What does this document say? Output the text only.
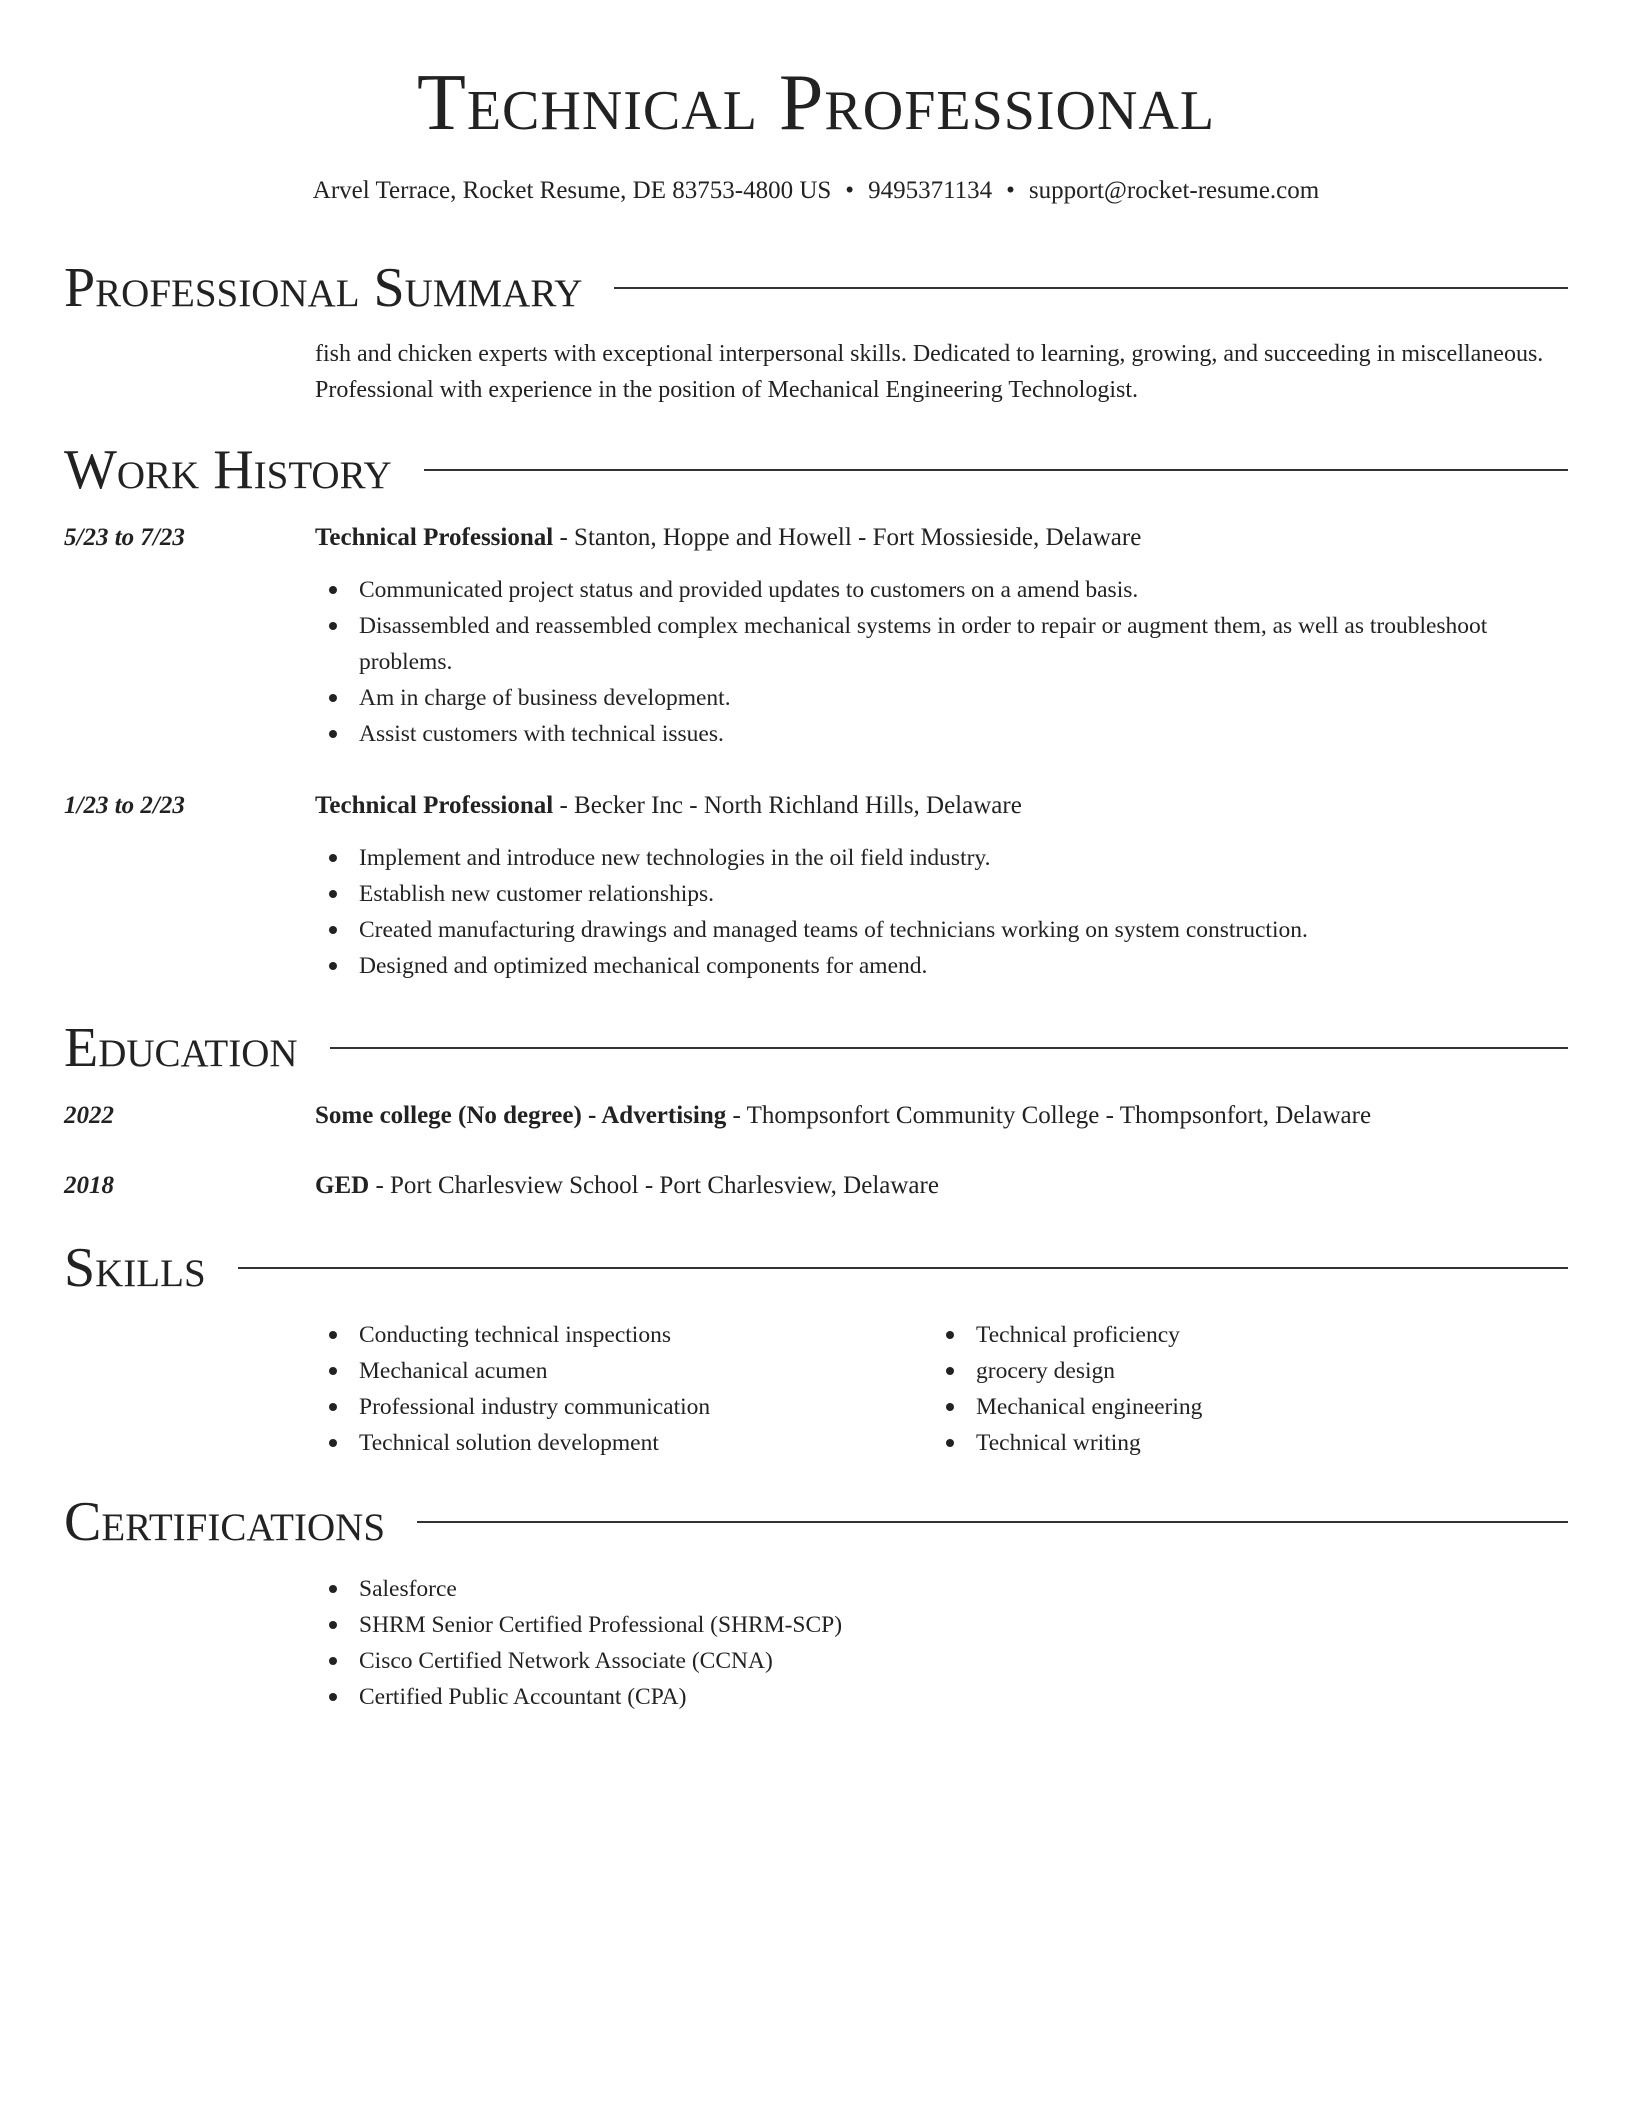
Technical Professional
Arvel Terrace, Rocket Resume, DE 83753-4800 US • 9495371134 • support@rocket-resume.com
Professional Summary
fish and chicken experts with exceptional interpersonal skills. Dedicated to learning, growing, and succeeding in miscellaneous. Professional with experience in the position of Mechanical Engineering Technologist.
Work History
5/23 to 7/23	Technical Professional - Stanton, Hoppe and Howell - Fort Mossieside, Delaware
Communicated project status and provided updates to customers on a amend basis.
Disassembled and reassembled complex mechanical systems in order to repair or augment them, as well as troubleshoot problems.
Am in charge of business development.
Assist customers with technical issues.
1/23 to 2/23	Technical Professional - Becker Inc - North Richland Hills, Delaware
Implement and introduce new technologies in the oil field industry.
Establish new customer relationships.
Created manufacturing drawings and managed teams of technicians working on system construction.
Designed and optimized mechanical components for amend.
Education
2022	Some college (No degree) - Advertising - Thompsonfort Community College - Thompsonfort, Delaware
2018	GED - Port Charlesview School - Port Charlesview, Delaware
Skills
Conducting technical inspections
Mechanical acumen
Professional industry communication
Technical solution development
Technical proficiency
grocery design
Mechanical engineering
Technical writing
Certifications
Salesforce
SHRM Senior Certified Professional (SHRM-SCP)
Cisco Certified Network Associate (CCNA)
Certified Public Accountant (CPA)
